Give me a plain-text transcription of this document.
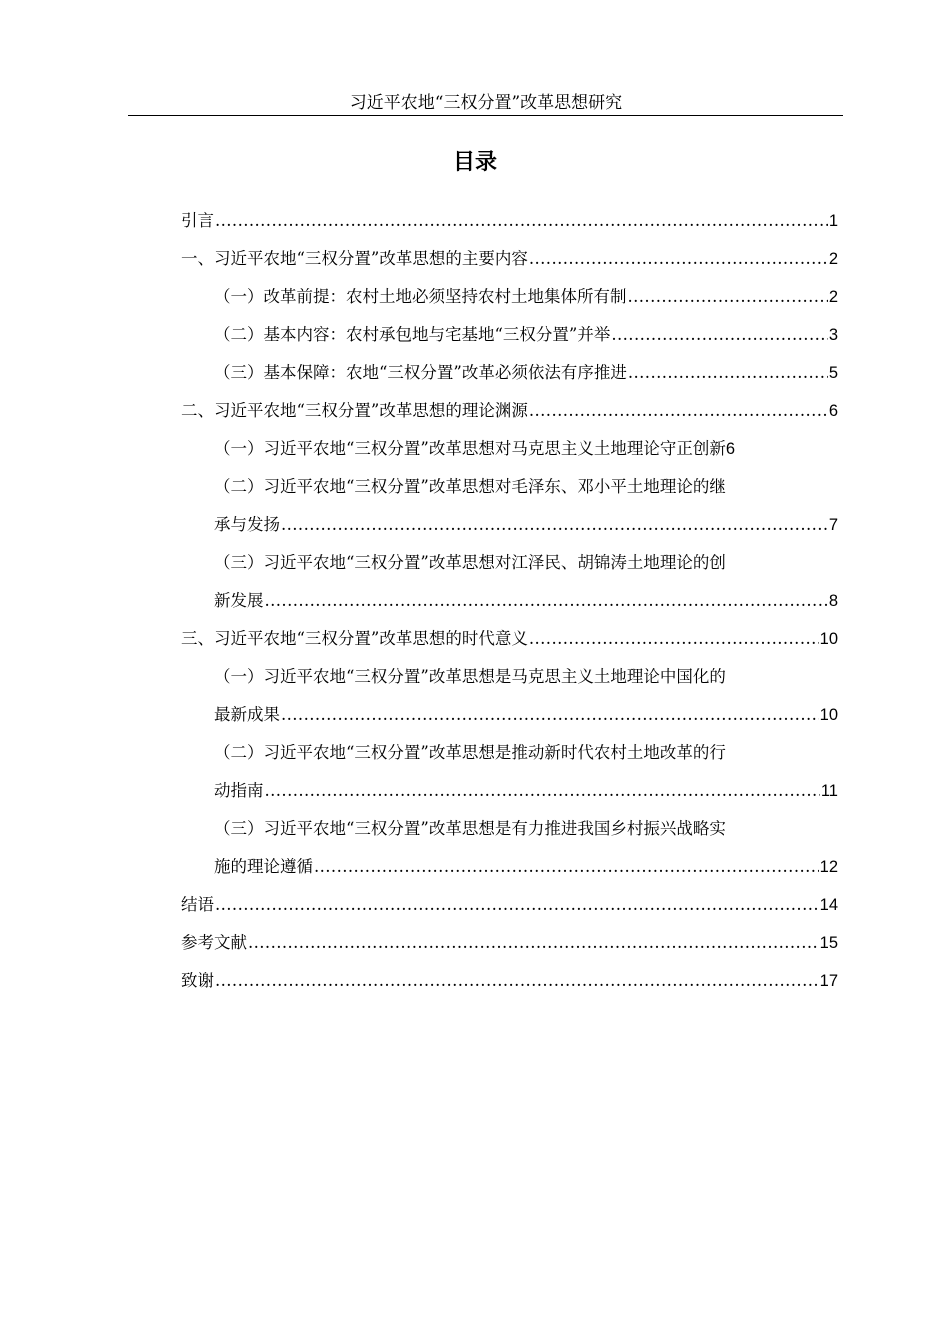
习近平农地“三权分置”改革思想研究
目录
引言 .....	1
一、习近平农地“三权分置”改革思想的主要内容 .....	2
（一）改革前提：农村土地必须坚持农村土地集体所有制 .....	2
（二）基本内容：农村承包地与宅基地“三权分置”并举 .....	3
（三）基本保障：农地“三权分置”改革必须依法有序推进 .....	5
二、习近平农地“三权分置”改革思想的理论渊源 .....	6
（一）习近平农地“三权分置”改革思想对马克思主义土地理论守正创新 6
（二）习近平农地“三权分置”改革思想对毛泽东、邓小平土地理论的继
承与发扬 .....	7
（三）习近平农地“三权分置”改革思想对江泽民、胡锦涛土地理论的创
新发展 .....	8
三、习近平农地“三权分置”改革思想的时代意义 .....	10
（一）习近平农地“三权分置”改革思想是马克思主义土地理论中国化的
最新成果 .....	10
（二）习近平农地“三权分置”改革思想是推动新时代农村土地改革的行
动指南 .....	11
（三）习近平农地“三权分置”改革思想是有力推进我国乡村振兴战略实
施的理论遵循 .....	12
结语 .....	14
参考文献 .....	15
致谢 .....	17
